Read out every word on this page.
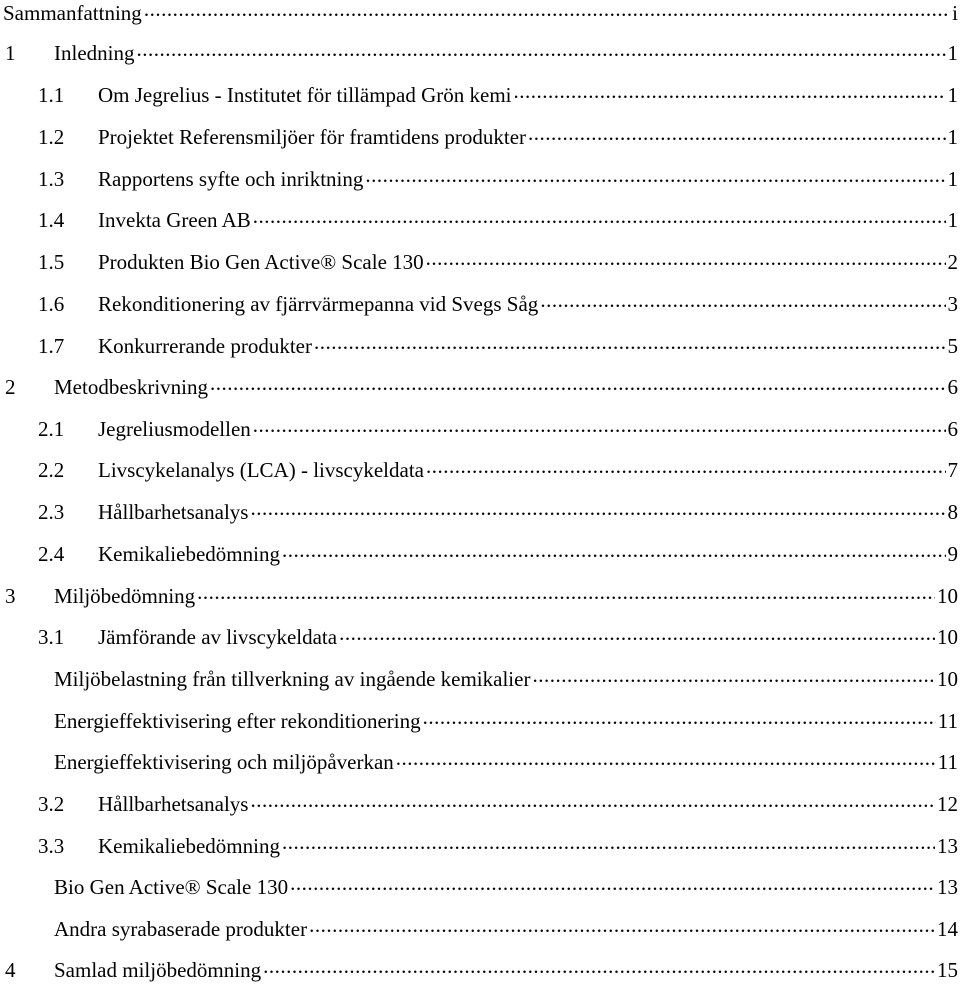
Sammanfattning .....	i
1	Inledning .....	1
1.1	Om Jegrelius - Institutet för tillämpad Grön kemi .....	1
1.2	Projektet Referensmiljöer för framtidens produkter .....	1
1.3	Rapportens syfte och inriktning .....	1
1.4	Invekta Green AB .....	1
1.5	Produkten Bio Gen Active® Scale 130 .....	2
1.6	Rekonditionering av fjärrvärmepanna vid Svegs Såg .....	3
1.7	Konkurrerande produkter .....	5
2	Metodbeskrivning .....	6
2.1	Jegreliusmodellen .....	6
2.2	Livscykelanalys (LCA) - livscykeldata .....	7
2.3	Hållbarhetsanalys .....	8
2.4	Kemikaliebedömning .....	9
3	Miljöbedömning .....	10
3.1	Jämförande av livscykeldata .....	10
Miljöbelastning från tillverkning av ingående kemikalier .....	10
Energieffektivisering efter rekonditionering .....	11
Energieffektivisering och miljöpåverkan .....	11
3.2	Hållbarhetsanalys .....	12
3.3	Kemikaliebedömning .....	13
Bio Gen Active® Scale 130 .....	13
Andra syrabaserade produkter .....	14
4	Samlad miljöbedömning .....	15
